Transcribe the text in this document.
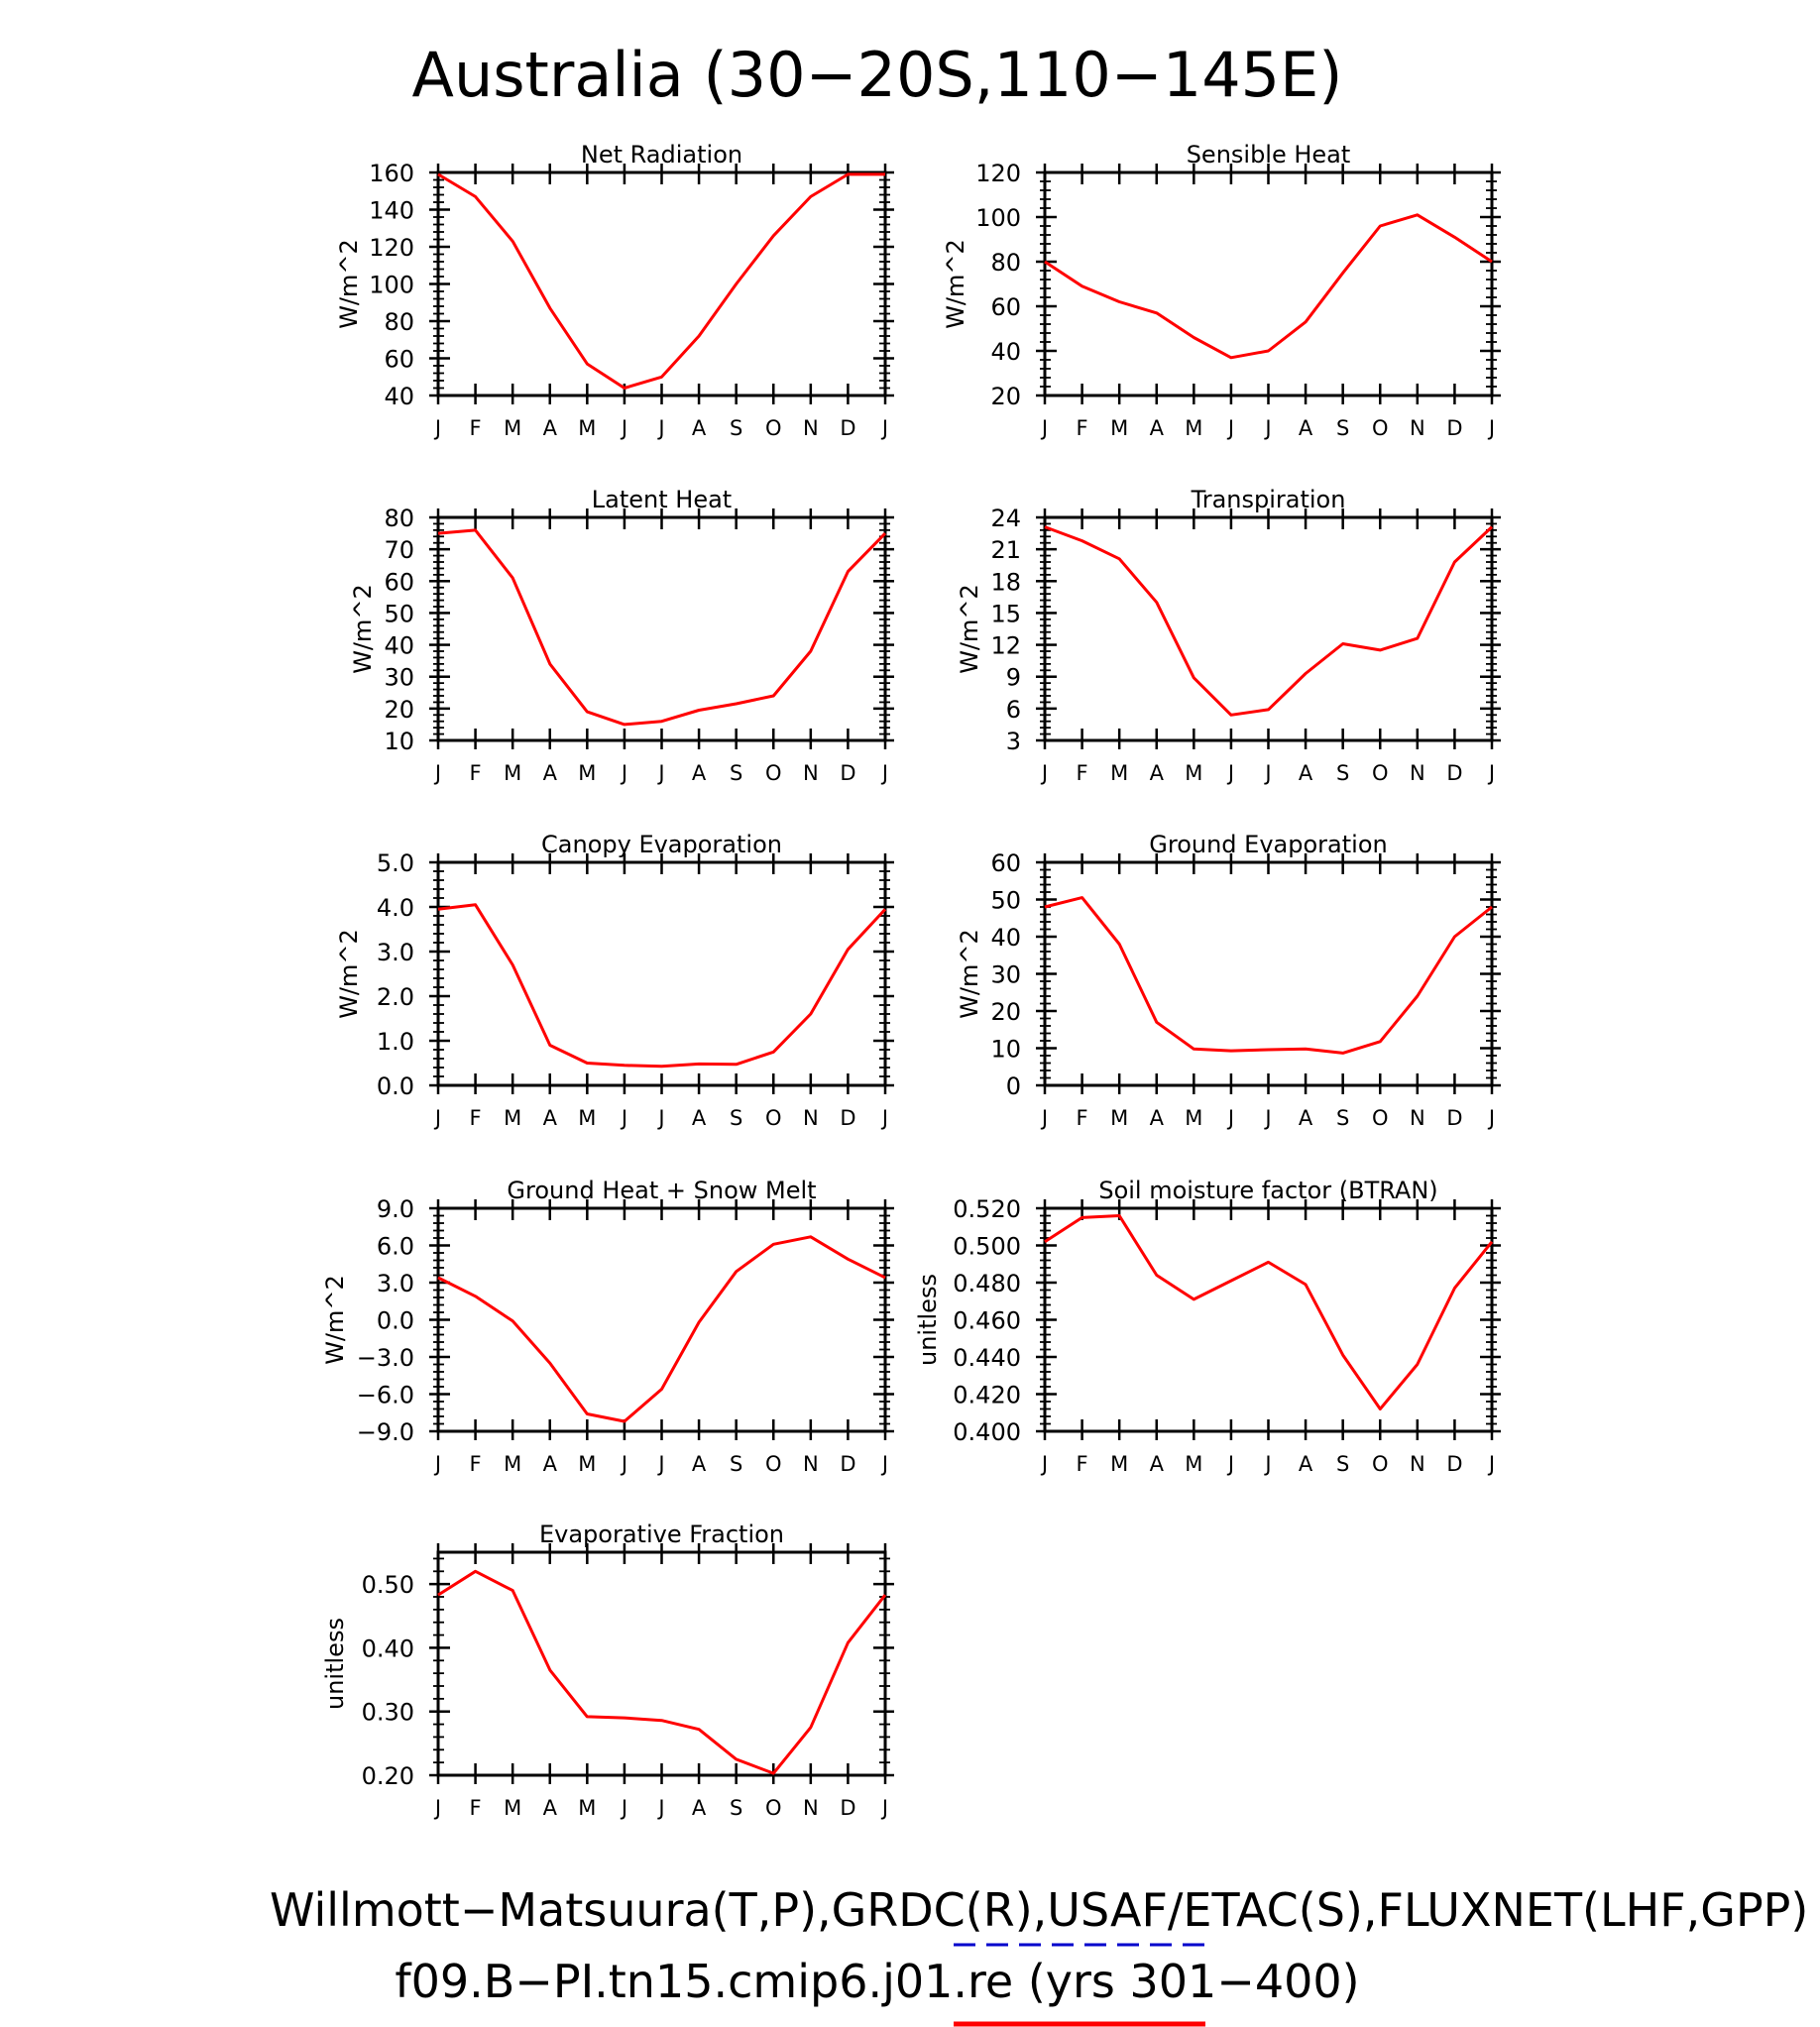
Australia (30−20S,110−145E)
J F M A M J J A S O N D J
40
60
80
100
120
140
160
Net Radiation
W/m^2
J F M A M J J A S O N D J
20
40
60
80
100
120
Sensible Heat
W/m^2
J F M A M J J A S O N D J
10
20
30
40
50
60
70
80
Latent Heat
W/m^2
J F M A M J J A S O N D J
3
6
9
12
15
18
21
24
Transpiration
W/m^2
J F M A M J J A S O N D J
0.0
1.0
2.0
3.0
4.0
5.0
Canopy Evaporation
W/m^2
J F M A M J J A S O N D J
0
10
20
30
40
50
60
Ground Evaporation
W/m^2
J F M A M J J A S O N D J
−9.0
−6.0
−3.0
0.0
3.0
6.0
9.0
Ground Heat + Snow Melt
W/m^2
J F M A M J J A S O N D J
0.400
0.420
0.440
0.460
0.480
0.500
0.520
Soil moisture factor (BTRAN)
unitless
J F M A M J J A S O N D J
0.20
0.30
0.40
0.50
Evaporative Fraction
unitless
Willmott−Matsuura(T,P),GRDC(R),USAF/ETAC(S),FLUXNET(LHF,GPP)
f09.B−PI.tn15.cmip6.j01.re (yrs 301−400)
